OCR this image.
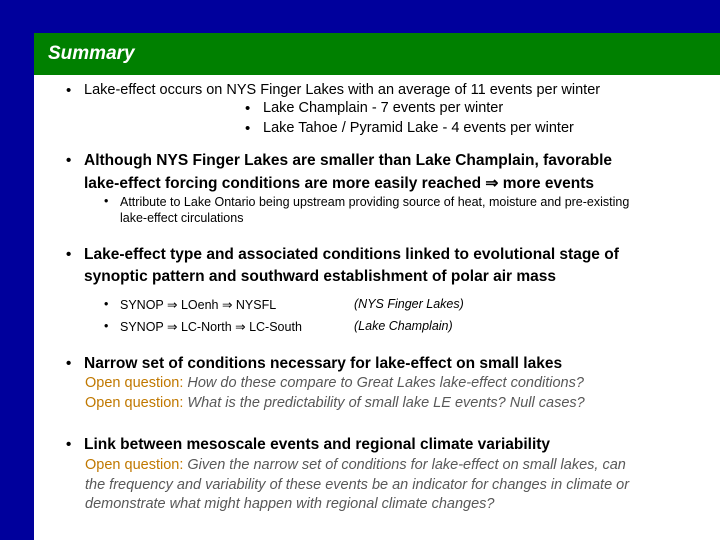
Summary
• Lake-effect occurs on NYS Finger Lakes with an average of 11 events per winter
• Lake Champlain - 7 events per winter
• Lake Tahoe / Pyramid Lake - 4 events per winter
• Although NYS Finger Lakes are smaller than Lake Champlain, favorable
lake-effect forcing conditions are more easily reached ⇒ more events
• Attribute to Lake Ontario being upstream providing source of heat, moisture and pre-existing
lake-effect circulations
• Lake-effect type and associated conditions linked to evolutional stage of
synoptic pattern and southward establishment of polar air mass
• SYNOP ⇒ LOenh ⇒ NYSFL	(NYS Finger Lakes)
• SYNOP ⇒ LC-North ⇒ LC-South	(Lake Champlain)
• Narrow set of conditions necessary for lake-effect on small lakes
Open question: How do these compare to Great Lakes lake-effect conditions?
Open question: What is the predictability of small lake LE events? Null cases?
• Link between mesoscale events and regional climate variability
Open question: Given the narrow set of conditions for lake-effect on small lakes, can
the frequency and variability of these events be an indicator for changes in climate or
demonstrate what might happen with regional climate changes?
